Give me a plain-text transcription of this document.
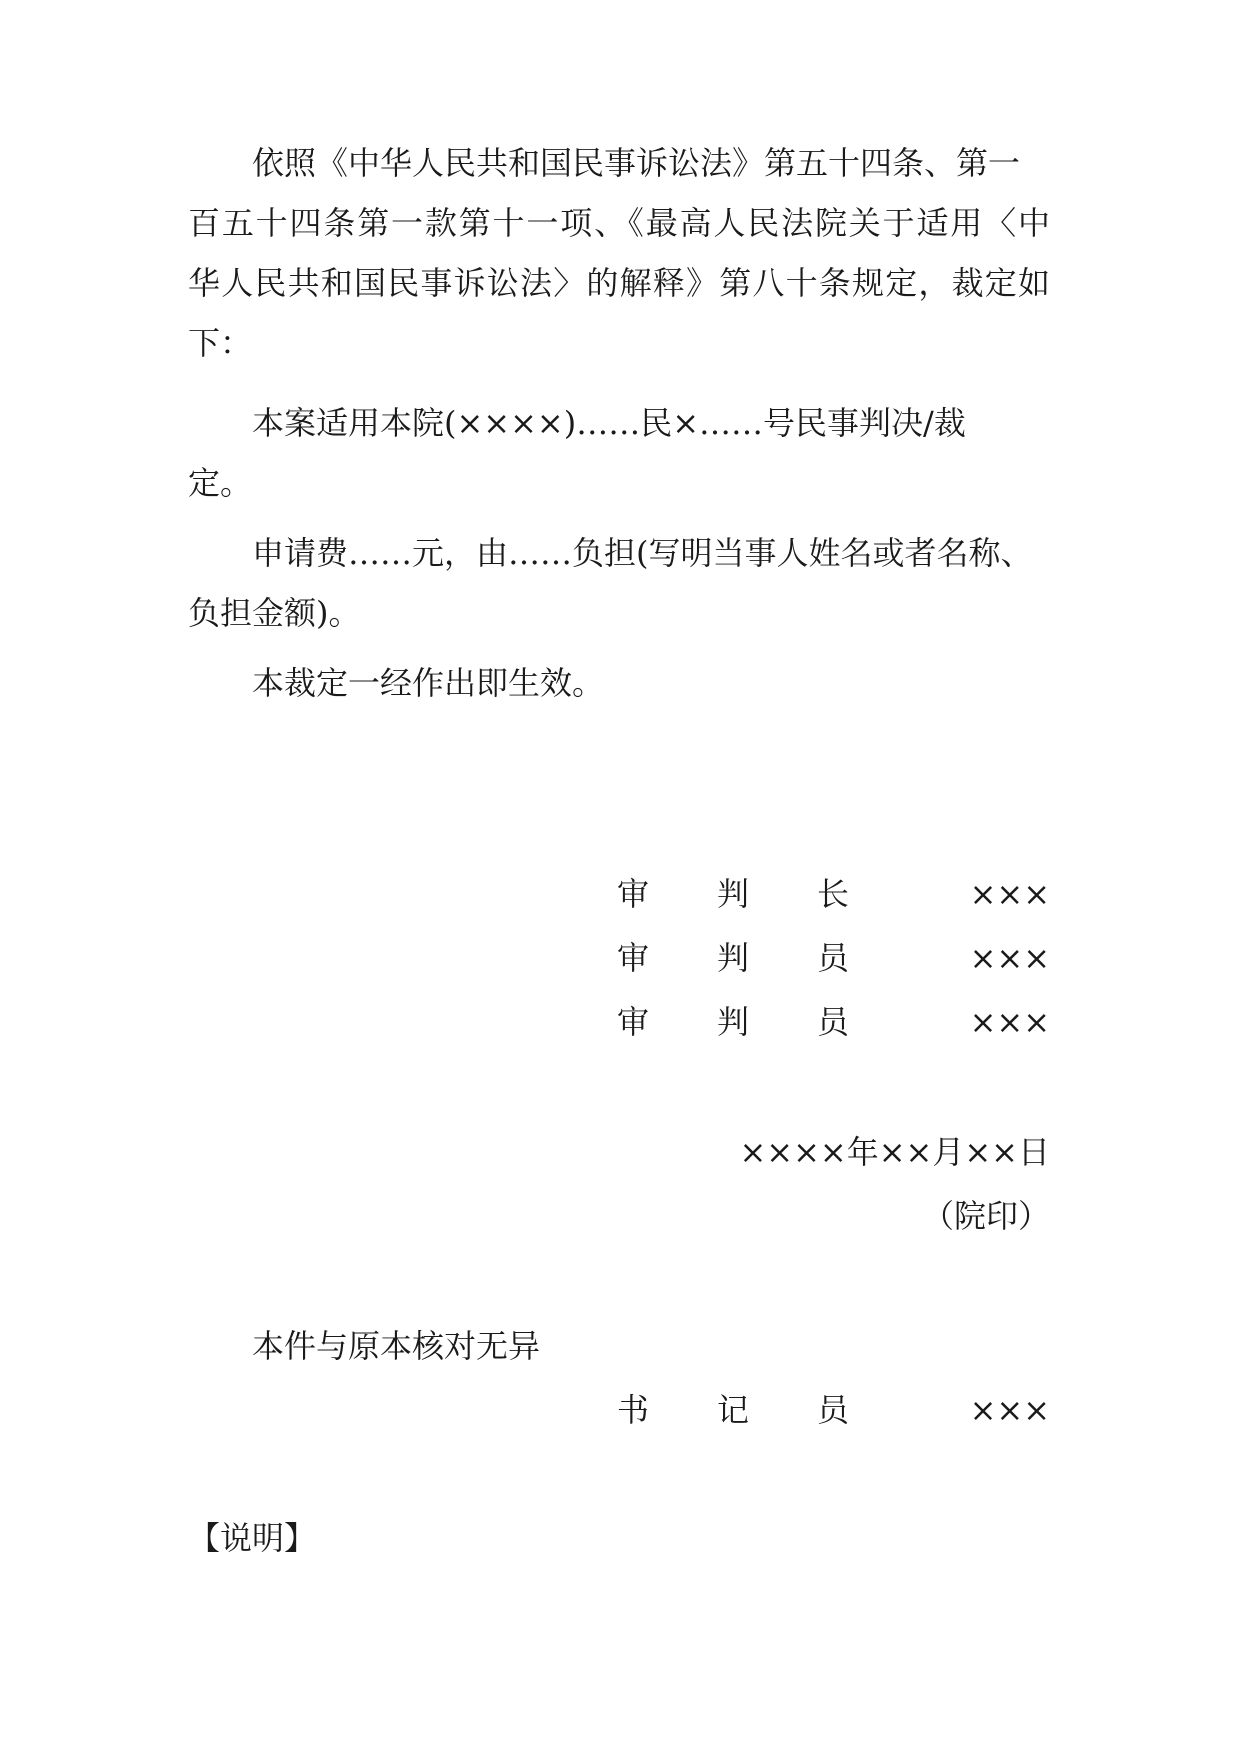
依照《中华人民共和国民事诉讼法》第五十四条、第一
百五十四条第一款第十一项、《最高人民法院关于适用〈中
华人民共和国民事诉讼法〉的解释》第八十条规定，裁定如
下：
本案适用本院(××××)……民×……号民事判决/裁
定。
申请费……元，由……负担(写明当事人姓名或者名称、
负担金额)。
本裁定一经作出即生效。
审 判 长	×××
审 判 员	×××
审 判 员	×××
××××年××月××日
（院印）
本件与原本核对无异
书 记 员	×××
【说明】
